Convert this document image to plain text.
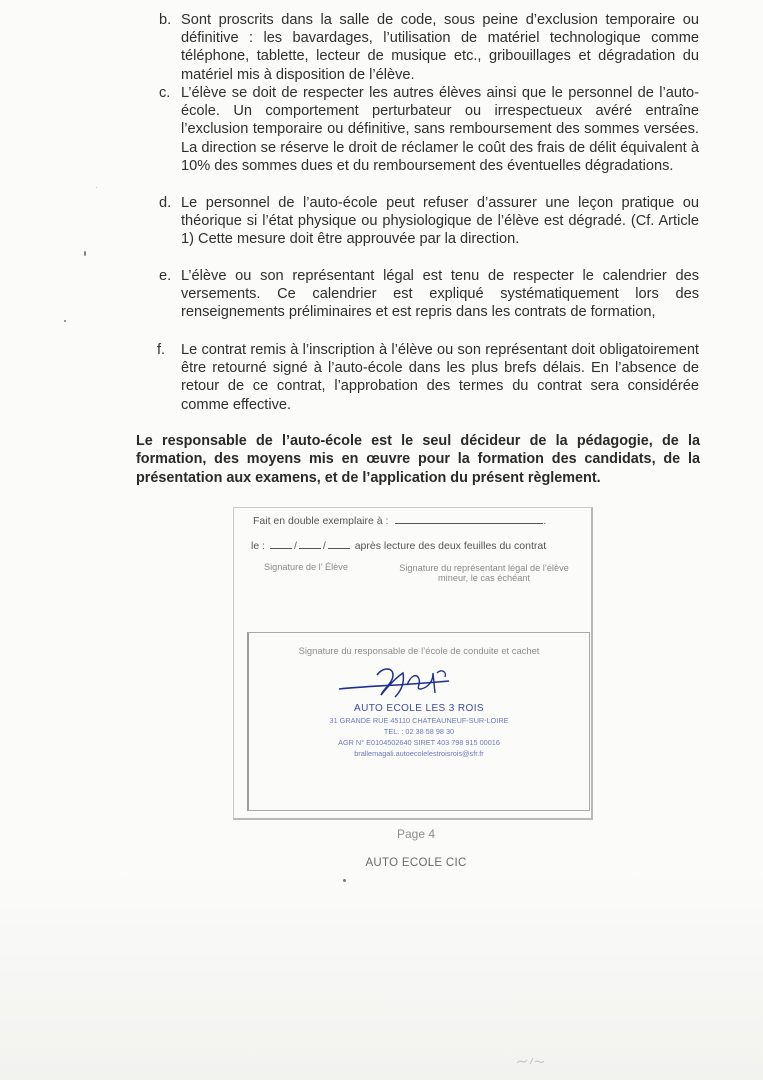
b. Sont proscrits dans la salle de code, sous peine d’exclusion temporaire ou définitive : les bavardages, l’utilisation de matériel technologique comme téléphone, tablette, lecteur de musique etc., gribouillages et dégradation du matériel mis à disposition de l’élève.
c. L’élève se doit de respecter les autres élèves ainsi que le personnel de l’auto-école. Un comportement perturbateur ou irrespectueux avéré entraîne l’exclusion temporaire ou définitive, sans remboursement des sommes versées. La direction se réserve le droit de réclamer le coût des frais de délit équivalent à 10% des sommes dues et du remboursement des éventuelles dégradations.
d. Le personnel de l’auto-école peut refuser d’assurer une leçon pratique ou théorique si l’état physique ou physiologique de l’élève est dégradé. (Cf. Article 1) Cette mesure doit être approuvée par la direction.
e. L’élève ou son représentant légal est tenu de respecter le calendrier des versements. Ce calendrier est expliqué systématiquement lors des renseignements préliminaires et est repris dans les contrats de formation,
f.	Le contrat remis à l’inscription à l’élève ou son représentant doit obligatoirement être retourné signé à l’auto-école dans les plus brefs délais. En l’absence de retour de ce contrat, l’approbation des termes du contrat sera considérée comme effective.
Le responsable de l’auto-école est le seul décideur de la pédagogie, de la formation, des moyens mis en œuvre pour la formation des candidats, de la présentation aux examens, et de l’application du présent règlement.
Fait en double exemplaire à :	.
le :	/ /	après lecture des deux feuilles du contrat
Signature de l’ Élève	Signature du représentant légal de l’élève mineur, le cas échéant
Signature du responsable de l’école de conduite et cachet
AUTO ECOLE LES 3 ROIS
31 GRANDE RUE 45110 CHATEAUNEUF-SUR-LOIRE
TEL. : 02 38 58 98 30
AGR N° E0104502640 SIRET 403 798 915 00016
brallemagali.autoecolelestroisrois@sfr.fr
Page 4
AUTO ECOLE CIC
